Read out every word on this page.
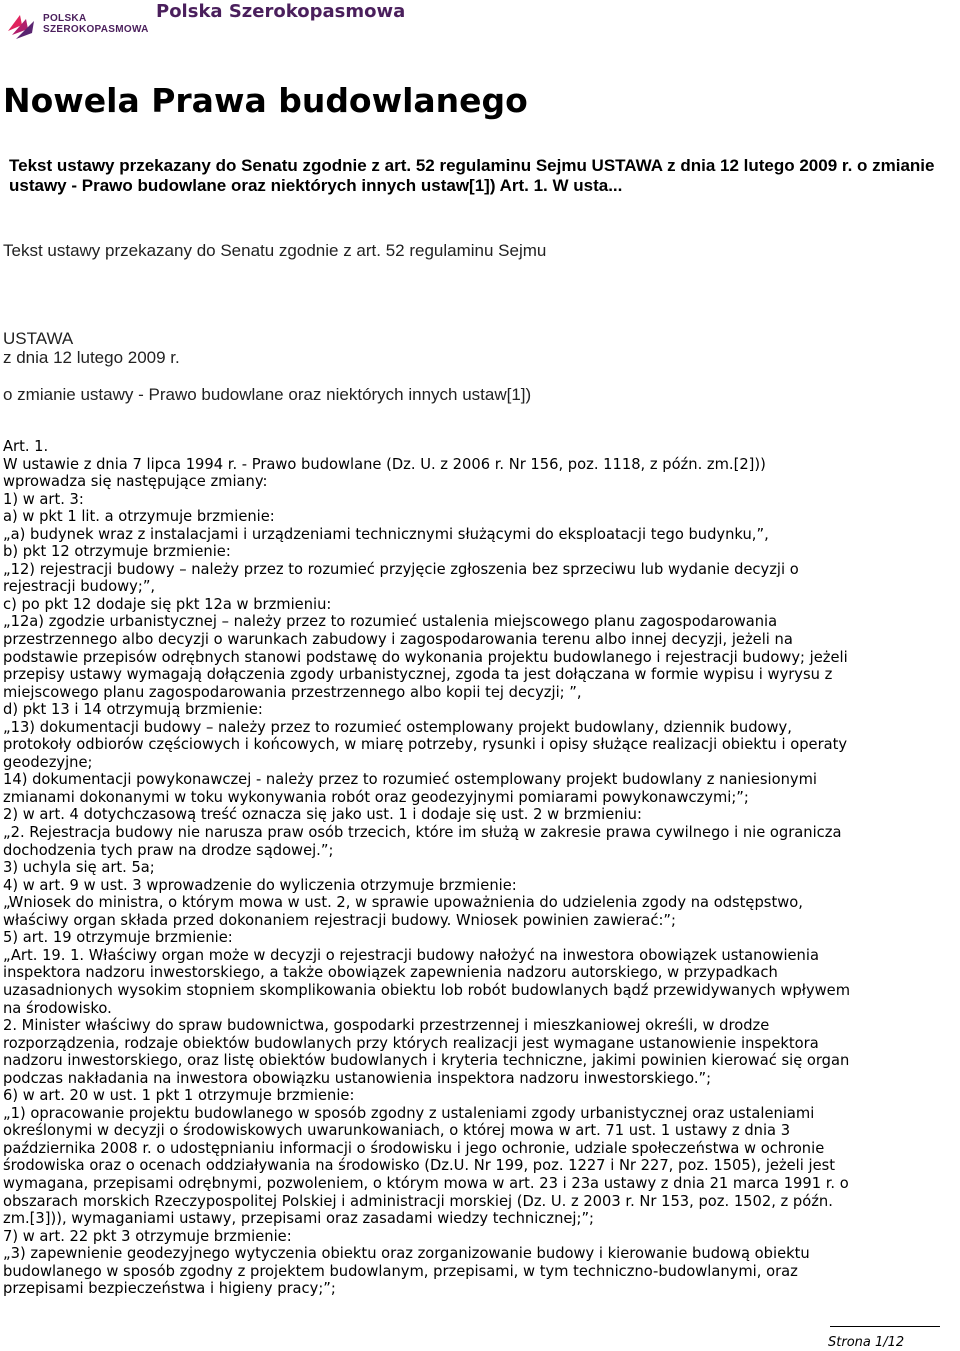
POLSKA
SZEROKOPASMOWA
Polska Szerokopasmowa
Nowela Prawa budowlanego
Tekst ustawy przekazany do Senatu zgodnie z art. 52 regulaminu Sejmu USTAWA z dnia 12 lutego 2009 r. o zmianie ustawy - Prawo budowlane oraz niektórych innych ustaw[1]) Art. 1. W usta...
Tekst ustawy przekazany do Senatu zgodnie z art. 52 regulaminu Sejmu
USTAWA
z dnia 12 lutego 2009 r.
o zmianie ustawy - Prawo budowlane oraz niektórych innych ustaw[1])
Art. 1.
W ustawie z dnia 7 lipca 1994 r. - Prawo budowlane (Dz. U. z 2006 r. Nr 156, poz. 1118, z późn. zm.[2]))
wprowadza się następujące zmiany:
1) w art. 3:
a) w pkt 1 lit. a otrzymuje brzmienie:
„a) budynek wraz z instalacjami i urządzeniami technicznymi służącymi do eksploatacji tego budynku,”,
b) pkt 12 otrzymuje brzmienie:
„12) rejestracji budowy – należy przez to rozumieć przyjęcie zgłoszenia bez sprzeciwu lub wydanie decyzji o
rejestracji budowy;”,
c) po pkt 12 dodaje się pkt 12a w brzmieniu:
„12a) zgodzie urbanistycznej – należy przez to rozumieć ustalenia miejscowego planu zagospodarowania
przestrzennego albo decyzji o warunkach zabudowy i zagospodarowania terenu albo innej decyzji, jeżeli na
podstawie przepisów odrębnych stanowi podstawę do wykonania projektu budowlanego i rejestracji budowy; jeżeli
przepisy ustawy wymagają dołączenia zgody urbanistycznej, zgoda ta jest dołączana w formie wypisu i wyrysu z
miejscowego planu zagospodarowania przestrzennego albo kopii tej decyzji; ”,
d) pkt 13 i 14 otrzymują brzmienie:
„13) dokumentacji budowy – należy przez to rozumieć ostemplowany projekt budowlany, dziennik budowy,
protokoły odbiorów częściowych i końcowych, w miarę potrzeby, rysunki i opisy służące realizacji obiektu i operaty
geodezyjne;
14) dokumentacji powykonawczej - należy przez to rozumieć ostemplowany projekt budowlany z naniesionymi
zmianami dokonanymi w toku wykonywania robót oraz geodezyjnymi pomiarami powykonawczymi;”;
2) w art. 4 dotychczasową treść oznacza się jako ust. 1 i dodaje się ust. 2 w brzmieniu:
„2. Rejestracja budowy nie narusza praw osób trzecich, które im służą w zakresie prawa cywilnego i nie ogranicza
dochodzenia tych praw na drodze sądowej.”;
3) uchyla się art. 5a;
4) w art. 9 w ust. 3 wprowadzenie do wyliczenia otrzymuje brzmienie:
„Wniosek do ministra, o którym mowa w ust. 2, w sprawie upoważnienia do udzielenia zgody na odstępstwo,
właściwy organ składa przed dokonaniem rejestracji budowy. Wniosek powinien zawierać:”;
5) art. 19 otrzymuje brzmienie:
„Art. 19. 1. Właściwy organ może w decyzji o rejestracji budowy nałożyć na inwestora obowiązek ustanowienia
inspektora nadzoru inwestorskiego, a także obowiązek zapewnienia nadzoru autorskiego, w przypadkach
uzasadnionych wysokim stopniem skomplikowania obiektu lob robót budowlanych bądź przewidywanych wpływem
na środowisko.
2. Minister właściwy do spraw budownictwa, gospodarki przestrzennej i mieszkaniowej określi, w drodze
rozporządzenia, rodzaje obiektów budowlanych przy których realizacji jest wymagane ustanowienie inspektora
nadzoru inwestorskiego, oraz listę obiektów budowlanych i kryteria techniczne, jakimi powinien kierować się organ
podczas nakładania na inwestora obowiązku ustanowienia inspektora nadzoru inwestorskiego.”;
6) w art. 20 w ust. 1 pkt 1 otrzymuje brzmienie:
„1) opracowanie projektu budowlanego w sposób zgodny z ustaleniami zgody urbanistycznej oraz ustaleniami
określonymi w decyzji o środowiskowych uwarunkowaniach, o której mowa w art. 71 ust. 1 ustawy z dnia 3
października 2008 r. o udostępnianiu informacji o środowisku i jego ochronie, udziale społeczeństwa w ochronie
środowiska oraz o ocenach oddziaływania na środowisko (Dz.U. Nr 199, poz. 1227 i Nr 227, poz. 1505), jeżeli jest
wymagana, przepisami odrębnymi, pozwoleniem, o którym mowa w art. 23 i 23a ustawy z dnia 21 marca 1991 r. o
obszarach morskich Rzeczypospolitej Polskiej i administracji morskiej (Dz. U. z 2003 r. Nr 153, poz. 1502, z późn.
zm.[3])), wymaganiami ustawy, przepisami oraz zasadami wiedzy technicznej;”;
7) w art. 22 pkt 3 otrzymuje brzmienie:
„3) zapewnienie geodezyjnego wytyczenia obiektu oraz zorganizowanie budowy i kierowanie budową obiektu
budowlanego w sposób zgodny z projektem budowlanym, przepisami, w tym techniczno-budowlanymi, oraz
przepisami bezpieczeństwa i higieny pracy;”;
Strona 1/12
